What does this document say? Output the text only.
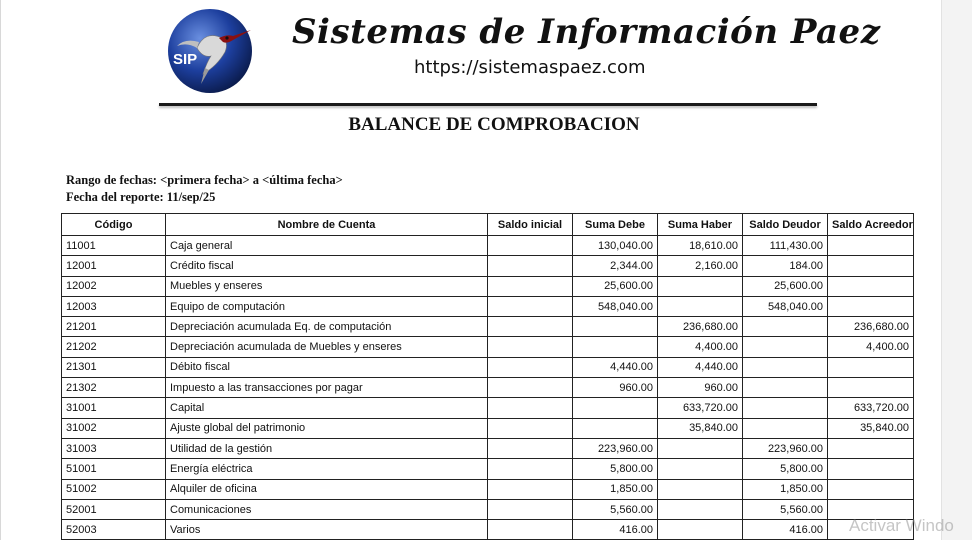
SIP
Sistemas de Información Paez
https://sistemaspaez.com
BALANCE DE COMPROBACION
Rango de fechas: <primera fecha> a <última fecha>
Fecha del reporte: 11/sep/25
Código	Nombre de Cuenta	Saldo inicial	Suma Debe	Suma Haber	Saldo Deudor	Saldo Acreedor
11001	Caja general		130,040.00	18,610.00	111,430.00	
12001	Crédito fiscal		2,344.00	2,160.00	184.00	
12002	Muebles y enseres		25,600.00		25,600.00	
12003	Equipo de computación		548,040.00		548,040.00	
21201	Depreciación acumulada Eq. de computación			236,680.00		236,680.00
21202	Depreciación acumulada de Muebles y enseres			4,400.00		4,400.00
21301	Débito fiscal		4,440.00	4,440.00		
21302	Impuesto a las transacciones por pagar		960.00	960.00		
31001	Capital			633,720.00		633,720.00
31002	Ajuste global del patrimonio			35,840.00		35,840.00
31003	Utilidad de la gestión		223,960.00		223,960.00	
51001	Energía eléctrica		5,800.00		5,800.00	
51002	Alquiler de oficina		1,850.00		1,850.00	
52001	Comunicaciones		5,560.00		5,560.00	
52003	Varios		416.00		416.00	Activar Windo
